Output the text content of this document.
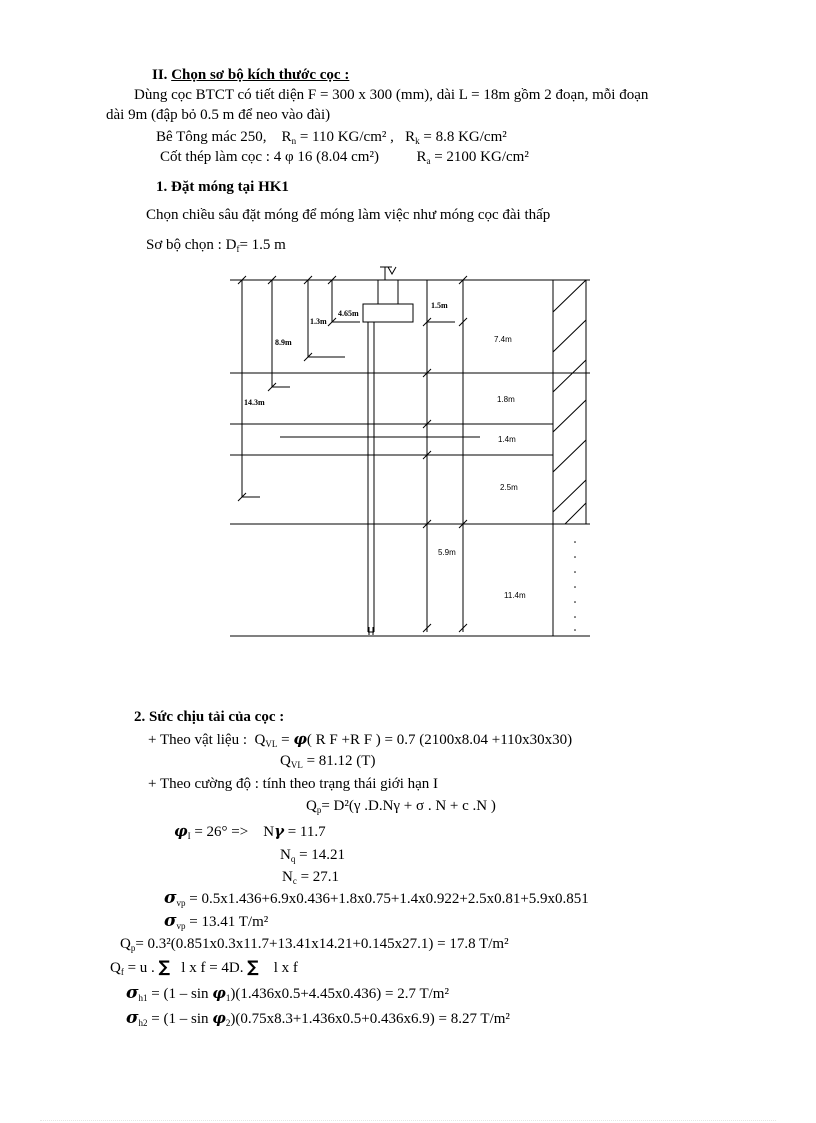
II. Chọn sơ bộ kích thước cọc :
Dùng cọc BTCT có tiết diện F = 300 x 300 (mm), dài L = 18m gồm 2 đoạn, mỗi đoạn
dài 9m (đập bỏ 0.5 m để neo vào đài)
Bê Tông mác 250,    $R_n = 110$ KG/cm² ,   $R_k = 8.8$ KG/cm²
Cốt thép làm cọc : 4 φ 16 (8.04 cm²)          $R_a = 2100$ KG/cm²
1. Đặt móng tại HK1
Chọn chiều sâu đặt móng để móng làm việc như móng cọc đài thấp
Sơ bộ chọn : $D_f= 1.5$ m
7.4m
1.8m
1.4m
2.5m
5.9m
11.4m
1.5m
4.65m
1.3m
8.9m
14.3m
2. Sức chịu tải của cọc :
+ Theo vật liệu :  $Q_{VL} = \varphi$( R F +R F ) = 0.7 (2100x8.04 +110x30x30)
$Q_{VL} = 81.12$ (T)
+ Theo cường độ : tính theo trạng thái giới hạn I
$Q_p= D^2(\gamma$ .D.Nγ + σ . N + c .N )
$\varphi_I = 26^\circ$ =>    Nγ = 11.7
$N_q = 14.21$
$N_c = 27.1$
$\sigma_{vp} = 0.5x1.436+6.9x0.436+1.8x0.75+1.4x0.922+2.5x0.81+5.9x0.851$
$\sigma_{vp} = 13.41$ T/m²
$Q_p= 0.3^2(0.851x0.3x11.7+13.41x14.21+0.145x27.1) = 17.8$ T/m²
$Q_f = u$ . ∑ l x f = 4D. ∑ l x f
$\sigma_{h1} = (1 - \sin \varphi_1)(1.436x0.5+4.45x0.436) = 2.7$ T/m²
$\sigma_{h2} = (1 - \sin \varphi_2)(0.75x8.3+1.436x0.5+0.436x6.9) = 8.27$ T/m²
